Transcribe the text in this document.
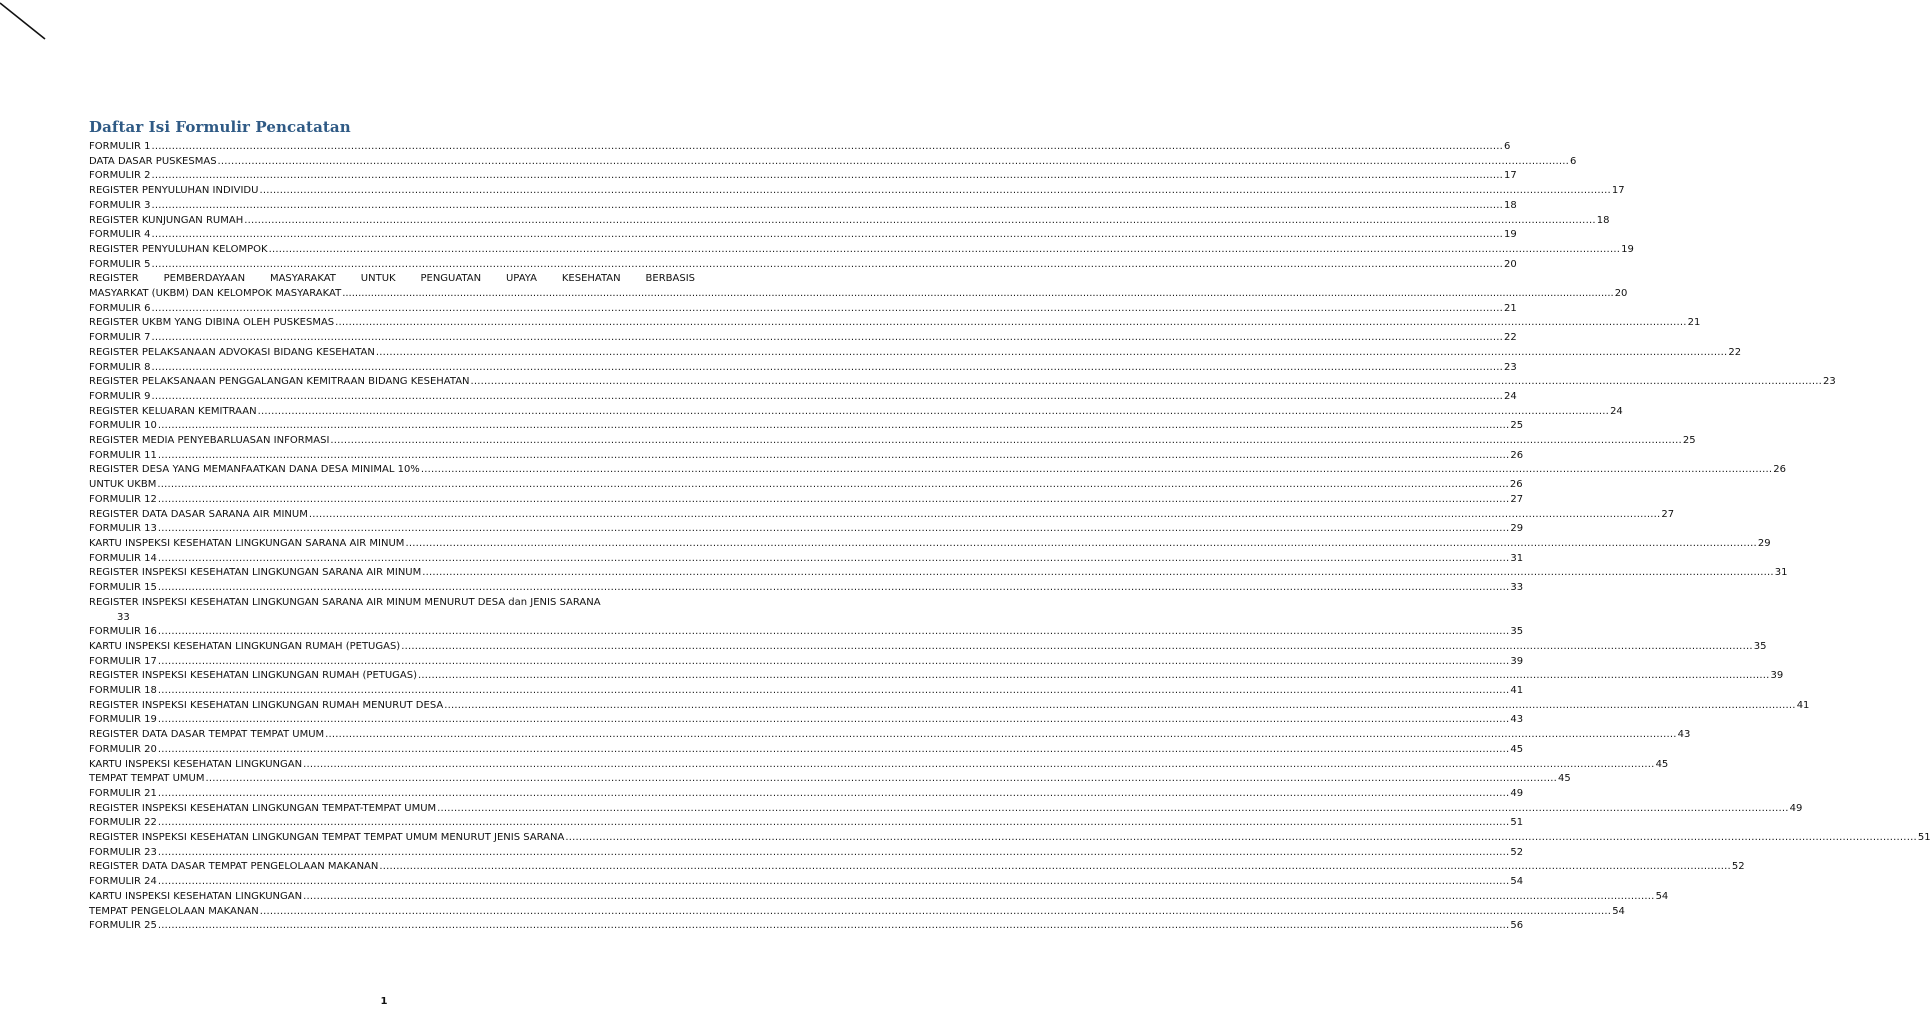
Daftar Isi Formulir Pencatatan
FORMULIR 1 ................................................................................................................................................................................................................................................................................................................................................................................................................ 6
DATA DASAR PUSKESMAS ................................................................................................................................................................................................................................................................................................................................................................................................................ 6
FORMULIR 2 ................................................................................................................................................................................................................................................................................................................................................................................................................ 17
REGISTER PENYULUHAN INDIVIDU ................................................................................................................................................................................................................................................................................................................................................................................................................ 17
FORMULIR 3 ................................................................................................................................................................................................................................................................................................................................................................................................................ 18
REGISTER KUNJUNGAN RUMAH ................................................................................................................................................................................................................................................................................................................................................................................................................ 18
FORMULIR 4 ................................................................................................................................................................................................................................................................................................................................................................................................................ 19
REGISTER PENYULUHAN KELOMPOK ................................................................................................................................................................................................................................................................................................................................................................................................................ 19
FORMULIR 5 ................................................................................................................................................................................................................................................................................................................................................................................................................ 20
REGISTER PEMBERDAYAAN MASYARAKAT UNTUK PENGUATAN UPAYA KESEHATAN BERBASIS
MASYARKAT (UKBM) DAN KELOMPOK MASYARAKAT ................................................................................................................................................................................................................................................................................................................................................................................................................ 20
FORMULIR 6 ................................................................................................................................................................................................................................................................................................................................................................................................................ 21
REGISTER UKBM YANG DIBINA OLEH PUSKESMAS ................................................................................................................................................................................................................................................................................................................................................................................................................ 21
FORMULIR 7 ................................................................................................................................................................................................................................................................................................................................................................................................................ 22
REGISTER PELAKSANAAN ADVOKASI BIDANG KESEHATAN ................................................................................................................................................................................................................................................................................................................................................................................................................ 22
FORMULIR 8 ................................................................................................................................................................................................................................................................................................................................................................................................................ 23
REGISTER PELAKSANAAN PENGGALANGAN KEMITRAAN BIDANG KESEHATAN ................................................................................................................................................................................................................................................................................................................................................................................................................ 23
FORMULIR 9 ................................................................................................................................................................................................................................................................................................................................................................................................................ 24
REGISTER KELUARAN KEMITRAAN ................................................................................................................................................................................................................................................................................................................................................................................................................ 24
FORMULIR 10 ................................................................................................................................................................................................................................................................................................................................................................................................................ 25
REGISTER MEDIA PENYEBARLUASAN INFORMASI ................................................................................................................................................................................................................................................................................................................................................................................................................ 25
FORMULIR 11 ................................................................................................................................................................................................................................................................................................................................................................................................................ 26
REGISTER DESA YANG MEMANFAATKAN DANA DESA MINIMAL 10% ................................................................................................................................................................................................................................................................................................................................................................................................................ 26
UNTUK UKBM ................................................................................................................................................................................................................................................................................................................................................................................................................ 26
FORMULIR 12 ................................................................................................................................................................................................................................................................................................................................................................................................................ 27
REGISTER DATA DASAR SARANA AIR MINUM ................................................................................................................................................................................................................................................................................................................................................................................................................ 27
FORMULIR 13 ................................................................................................................................................................................................................................................................................................................................................................................................................ 29
KARTU INSPEKSI KESEHATAN LINGKUNGAN SARANA AIR MINUM ................................................................................................................................................................................................................................................................................................................................................................................................................ 29
FORMULIR 14 ................................................................................................................................................................................................................................................................................................................................................................................................................ 31
REGISTER INSPEKSI KESEHATAN LINGKUNGAN SARANA AIR MINUM ................................................................................................................................................................................................................................................................................................................................................................................................................ 31
FORMULIR 15 ................................................................................................................................................................................................................................................................................................................................................................................................................ 33
REGISTER INSPEKSI KESEHATAN LINGKUNGAN SARANA AIR MINUM MENURUT DESA dan JENIS SARANA
33
FORMULIR 16 ................................................................................................................................................................................................................................................................................................................................................................................................................ 35
KARTU INSPEKSI KESEHATAN LINGKUNGAN RUMAH (PETUGAS) ................................................................................................................................................................................................................................................................................................................................................................................................................ 35
FORMULIR 17 ................................................................................................................................................................................................................................................................................................................................................................................................................ 39
REGISTER INSPEKSI KESEHATAN LINGKUNGAN RUMAH (PETUGAS) ................................................................................................................................................................................................................................................................................................................................................................................................................ 39
FORMULIR 18 ................................................................................................................................................................................................................................................................................................................................................................................................................ 41
REGISTER INSPEKSI KESEHATAN LINGKUNGAN RUMAH MENURUT DESA ................................................................................................................................................................................................................................................................................................................................................................................................................ 41
FORMULIR 19 ................................................................................................................................................................................................................................................................................................................................................................................................................ 43
REGISTER DATA DASAR TEMPAT TEMPAT UMUM ................................................................................................................................................................................................................................................................................................................................................................................................................ 43
FORMULIR 20 ................................................................................................................................................................................................................................................................................................................................................................................................................ 45
KARTU INSPEKSI KESEHATAN LINGKUNGAN ................................................................................................................................................................................................................................................................................................................................................................................................................ 45
TEMPAT TEMPAT UMUM ................................................................................................................................................................................................................................................................................................................................................................................................................ 45
FORMULIR 21 ................................................................................................................................................................................................................................................................................................................................................................................................................ 49
REGISTER INSPEKSI KESEHATAN LINGKUNGAN TEMPAT-TEMPAT UMUM ................................................................................................................................................................................................................................................................................................................................................................................................................ 49
FORMULIR 22 ................................................................................................................................................................................................................................................................................................................................................................................................................ 51
REGISTER INSPEKSI KESEHATAN LINGKUNGAN TEMPAT TEMPAT UMUM MENURUT JENIS SARANA ................................................................................................................................................................................................................................................................................................................................................................................................................ 51
FORMULIR 23 ................................................................................................................................................................................................................................................................................................................................................................................................................ 52
REGISTER DATA DASAR TEMPAT PENGELOLAAN MAKANAN ................................................................................................................................................................................................................................................................................................................................................................................................................ 52
FORMULIR 24 ................................................................................................................................................................................................................................................................................................................................................................................................................ 54
KARTU INSPEKSI KESEHATAN LINGKUNGAN ................................................................................................................................................................................................................................................................................................................................................................................................................ 54
TEMPAT PENGELOLAAN MAKANAN ................................................................................................................................................................................................................................................................................................................................................................................................................ 54
FORMULIR 25 ................................................................................................................................................................................................................................................................................................................................................................................................................ 56
1
